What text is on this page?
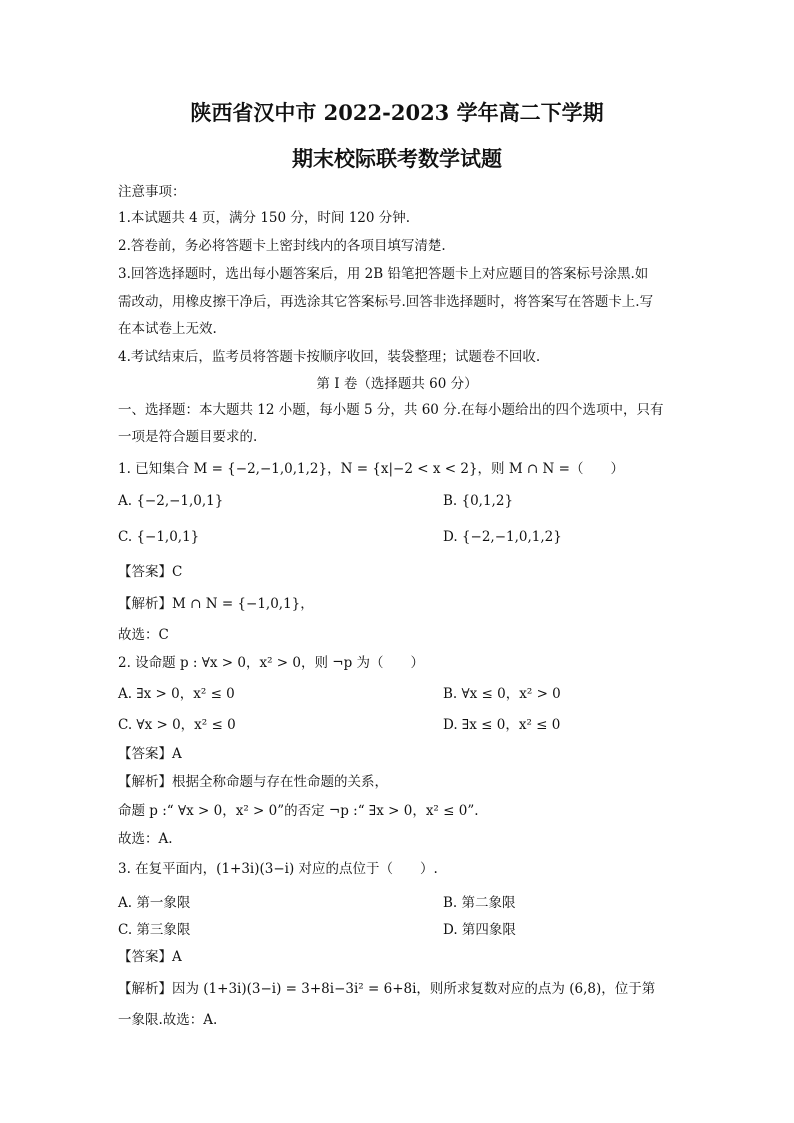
陕西省汉中市 2022-2023 学年高二下学期
期末校际联考数学试题
注意事项：
1.本试题共 4 页，满分 150 分，时间 120 分钟.
2.答卷前，务必将答题卡上密封线内的各项目填写清楚.
3.回答选择题时，选出每小题答案后，用 2B 铅笔把答题卡上对应题目的答案标号涂黑.如
需改动，用橡皮擦干净后，再选涂其它答案标号.回答非选择题时，将答案写在答题卡上.写
在本试卷上无效.
4.考试结束后，监考员将答题卡按顺序收回，装袋整理；试题卷不回收.
第 I 卷（选择题共 60 分）
一、选择题：本大题共 12 小题，每小题 5 分，共 60 分.在每小题给出的四个选项中，只有
一项是符合题目要求的.
1. 已知集合 M = {−2,−1,0,1,2}，N = {x|−2 < x < 2}，则 M ∩ N =（　　）
A. {−2,−1,0,1}	B. {0,1,2}
C. {−1,0,1}	D. {−2,−1,0,1,2}
【答案】C
【解析】M ∩ N = {−1,0,1}，
故选：C
2. 设命题 p : ∀x > 0，x² > 0，则 ¬p 为（　　）
A. ∃x > 0，x² ≤ 0	B. ∀x ≤ 0，x² > 0
C. ∀x > 0，x² ≤ 0	D. ∃x ≤ 0，x² ≤ 0
【答案】A
【解析】根据全称命题与存在性命题的关系，
命题 p :“ ∀x > 0，x² > 0”的否定 ¬p :“ ∃x > 0，x² ≤ 0”.
故选：A.
3. 在复平面内，(1+3i)(3−i) 对应的点位于（　　）.
A. 第一象限	B. 第二象限
C. 第三象限	D. 第四象限
【答案】A
【解析】因为 (1+3i)(3−i) = 3+8i−3i² = 6+8i，则所求复数对应的点为 (6,8)，位于第
一象限.故选：A.
